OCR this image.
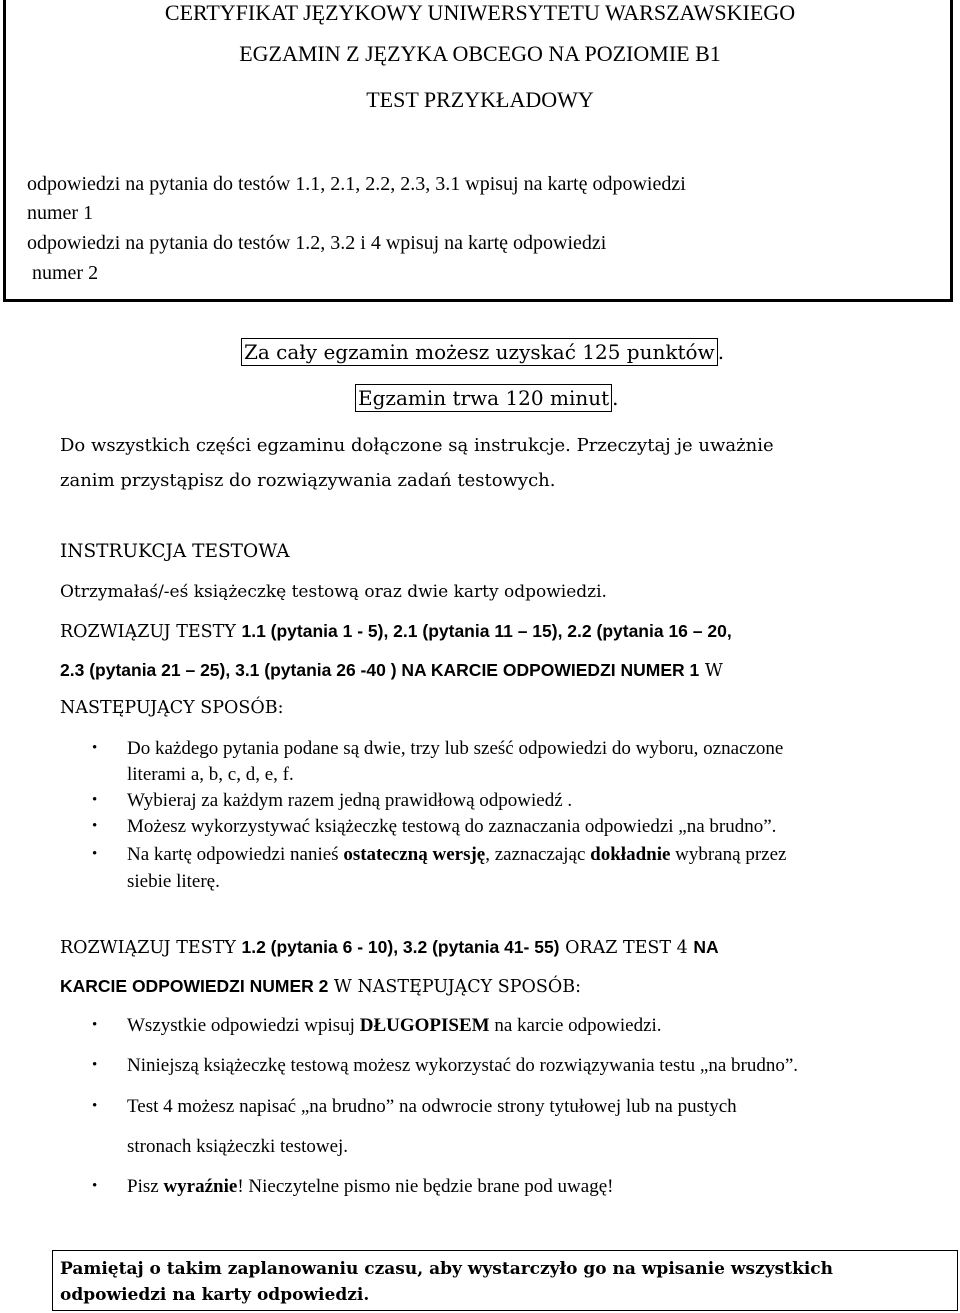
CERTYFIKAT JĘZYKOWY UNIWERSYTETU WARSZAWSKIEGO
EGZAMIN Z JĘZYKA OBCEGO NA POZIOMIE B1
TEST PRZYKŁADOWY
odpowiedzi na pytania do testów 1.1, 2.1, 2.2, 2.3, 3.1 wpisuj na kartę odpowiedzi
numer 1
odpowiedzi na pytania do testów 1.2, 3.2 i 4 wpisuj na kartę odpowiedzi
numer 2
Za cały egzamin możesz uzyskać 125 punktów .
Egzamin trwa 120 minut .
Do wszystkich części egzaminu dołączone są instrukcje. Przeczytaj je uważnie
zanim przystąpisz do rozwiązywania zadań testowych.
INSTRUKCJA TESTOWA
Otrzymałaś/-eś książeczkę testową oraz dwie karty odpowiedzi.
ROZWIĄZUJ TESTY 1.1 (pytania 1 - 5), 2.1 (pytania 11 – 15), 2.2 (pytania 16 – 20,
2.3 (pytania 21 – 25), 3.1 (pytania 26 -40 ) NA KARCIE ODPOWIEDZI NUMER 1 W
NASTĘPUJĄCY SPOSÓB:
• Do każdego pytania podane są dwie, trzy lub sześć odpowiedzi do wyboru, oznaczone
literami a, b, c, d, e, f.
• Wybieraj za każdym razem jedną prawidłową odpowiedź .
• Możesz wykorzystywać książeczkę testową do zaznaczania odpowiedzi „na brudno”.
• Na kartę odpowiedzi nanieś ostateczną wersję, zaznaczając dokładnie wybraną przez
siebie literę.
ROZWIĄZUJ TESTY 1.2 (pytania 6 - 10), 3.2 (pytania 41- 55) ORAZ TEST 4 NA
KARCIE ODPOWIEDZI NUMER 2 W NASTĘPUJĄCY SPOSÓB:
• Wszystkie odpowiedzi wpisuj DŁUGOPISEM na karcie odpowiedzi.
• Niniejszą książeczkę testową możesz wykorzystać do rozwiązywania testu „na brudno”.
• Test 4 możesz napisać „na brudno” na odwrocie strony tytułowej lub na pustych
stronach książeczki testowej.
• Pisz wyraźnie! Nieczytelne pismo nie będzie brane pod uwagę!
Pamiętaj o takim zaplanowaniu czasu, aby wystarczyło go na wpisanie wszystkich
odpowiedzi na karty odpowiedzi.
